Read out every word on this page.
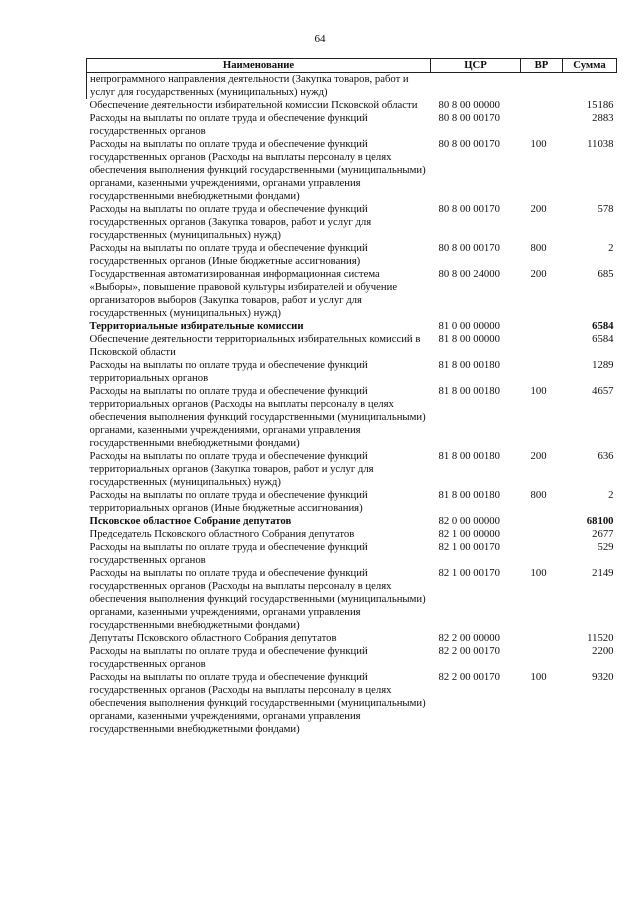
64
Наименование	ЦСР	ВР	Сумма
непрограммного направления деятельности (Закупка товаров, работ и услуг для государственных (муниципальных) нужд)			
Обеспечение деятельности избирательной комиссии Псковской области	80 8 00 00000		15186
Расходы на выплаты по оплате труда и обеспечение функций государственных органов	80 8 00 00170		2883
Расходы на выплаты по оплате труда и обеспечение функций государственных органов (Расходы на выплаты персоналу в целях обеспечения выполнения функций государственными (муниципальными) органами, казенными учреждениями, органами управления государственными внебюджетными фондами)	80 8 00 00170	100	11038
Расходы на выплаты по оплате труда и обеспечение функций государственных органов (Закупка товаров, работ и услуг для государственных (муниципальных) нужд)	80 8 00 00170	200	578
Расходы на выплаты по оплате труда и обеспечение функций государственных органов (Иные бюджетные ассигнования)	80 8 00 00170	800	2
Государственная автоматизированная информационная система «Выборы», повышение правовой культуры избирателей и обучение организаторов выборов (Закупка товаров, работ и услуг для государственных (муниципальных) нужд)	80 8 00 24000	200	685
Территориальные избирательные комиссии	81 0 00 00000		6584
Обеспечение деятельности территориальных избирательных комиссий в Псковской области	81 8 00 00000		6584
Расходы на выплаты по оплате труда и обеспечение функций территориальных органов	81 8 00 00180		1289
Расходы на выплаты по оплате труда и обеспечение функций территориальных органов (Расходы на выплаты персоналу в целях обеспечения выполнения функций государственными (муниципальными) органами, казенными учреждениями, органами управления государственными внебюджетными фондами)	81 8 00 00180	100	4657
Расходы на выплаты по оплате труда и обеспечение функций территориальных органов (Закупка товаров, работ и услуг для государственных (муниципальных) нужд)	81 8 00 00180	200	636
Расходы на выплаты по оплате труда и обеспечение функций территориальных органов (Иные бюджетные ассигнования)	81 8 00 00180	800	2
Псковское областное Собрание депутатов	82 0 00 00000		68100
Председатель Псковского областного Собрания депутатов	82 1 00 00000		2677
Расходы на выплаты по оплате труда и обеспечение функций государственных органов	82 1 00 00170		529
Расходы на выплаты по оплате труда и обеспечение функций государственных органов (Расходы на выплаты персоналу в целях обеспечения выполнения функций государственными (муниципальными) органами, казенными учреждениями, органами управления государственными внебюджетными фондами)	82 1 00 00170	100	2149
Депутаты Псковского областного Собрания депутатов	82 2 00 00000		11520
Расходы на выплаты по оплате труда и обеспечение функций государственных органов	82 2 00 00170		2200
Расходы на выплаты по оплате труда и обеспечение функций государственных органов (Расходы на выплаты персоналу в целях обеспечения выполнения функций государственными (муниципальными) органами, казенными учреждениями, органами управления государственными внебюджетными фондами)	82 2 00 00170	100	9320
